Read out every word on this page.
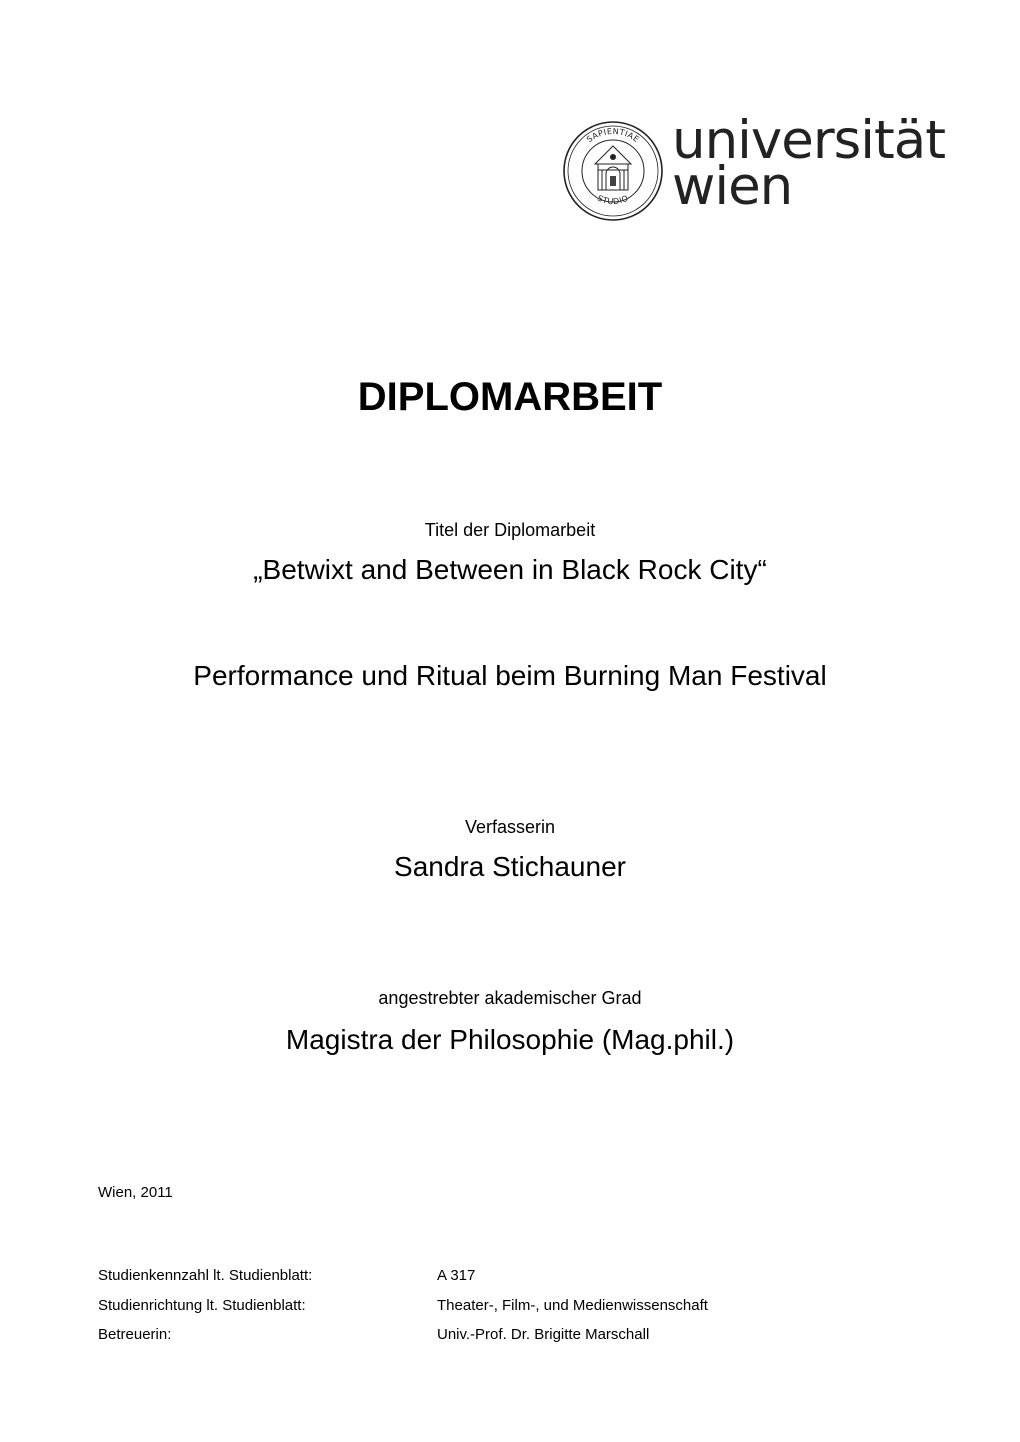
SAPIENTIAE
STUDIO
universität
wien
DIPLOMARBEIT
Titel der Diplomarbeit
„Betwixt and Between in Black Rock City“
Performance und Ritual beim Burning Man Festival
Verfasserin
Sandra Stichauner
angestrebter akademischer Grad
Magistra der Philosophie (Mag.phil.)
Wien, 2011
Studienkennzahl lt. Studienblatt:	A 317
Studienrichtung lt. Studienblatt:	Theater-, Film-, und Medienwissenschaft
Betreuerin:	Univ.-Prof. Dr. Brigitte Marschall
